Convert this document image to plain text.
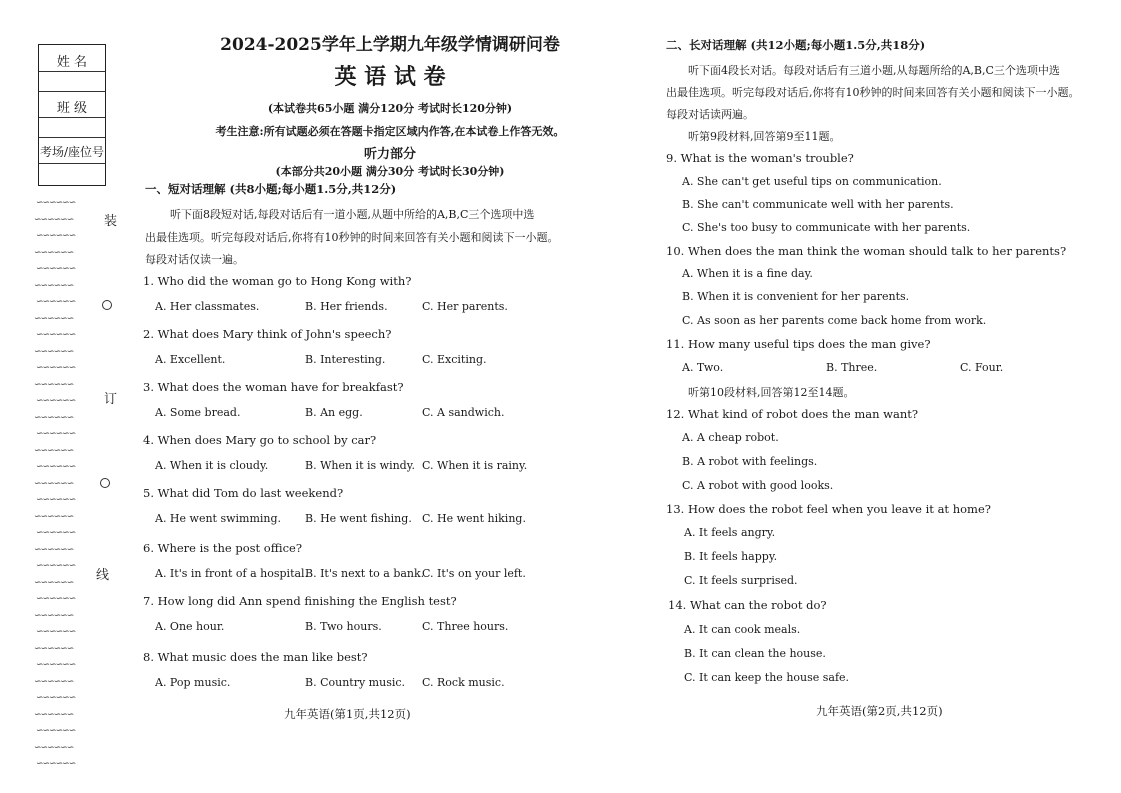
姓 名
班 级
考场/座位号
∽∽∽∽∽∽
∽∽∽∽∽∽
∽∽∽∽∽∽
∽∽∽∽∽∽
∽∽∽∽∽∽
∽∽∽∽∽∽
∽∽∽∽∽∽
∽∽∽∽∽∽
∽∽∽∽∽∽
∽∽∽∽∽∽
∽∽∽∽∽∽
∽∽∽∽∽∽
∽∽∽∽∽∽
∽∽∽∽∽∽
∽∽∽∽∽∽
∽∽∽∽∽∽
∽∽∽∽∽∽
∽∽∽∽∽∽
∽∽∽∽∽∽
∽∽∽∽∽∽
∽∽∽∽∽∽
∽∽∽∽∽∽
∽∽∽∽∽∽
∽∽∽∽∽∽
∽∽∽∽∽∽
∽∽∽∽∽∽
∽∽∽∽∽∽
∽∽∽∽∽∽
∽∽∽∽∽∽
∽∽∽∽∽∽
∽∽∽∽∽∽
∽∽∽∽∽∽
∽∽∽∽∽∽
∽∽∽∽∽∽
∽∽∽∽∽∽
装
订
线
2024-2025学年上学期九年级学情调研问卷
英 语 试 卷
(本试卷共65小题 满分120分 考试时长120分钟)
考生注意:所有试题必须在答题卡指定区域内作答,在本试卷上作答无效。
听力部分
(本部分共20小题 满分30分 考试时长30分钟)
一、短对话理解 (共8小题;每小题1.5分,共12分)
听下面8段短对话,每段对话后有一道小题,从题中所给的A,B,C三个选项中选
出最佳选项。听完每段对话后,你将有10秒钟的时间来回答有关小题和阅读下一小题。
每段对话仅读一遍。
1. Who did the woman go to Hong Kong with?
A. Her classmates.	B. Her friends.	C. Her parents.
2. What does Mary think of John's speech?
A. Excellent.	B. Interesting.	C. Exciting.
3. What does the woman have for breakfast?
A. Some bread.	B. An egg.	C. A sandwich.
4. When does Mary go to school by car?
A. When it is cloudy.	B. When it is windy. C. When it is rainy.
5. What did Tom do last weekend?
A. He went swimming. B. He went fishing. C. He went hiking.
6. Where is the post office?
A. It's in front of a hospital.
B. It's next to a bank.
C. It's on your left.
7. How long did Ann spend finishing the English test?
A. One hour.	B. Two hours.	C. Three hours.
8. What music does the man like best?
A. Pop music.	B. Country music. C. Rock music.
九年英语(第1页,共12页)
二、长对话理解 (共12小题;每小题1.5分,共18分)
听下面4段长对话。每段对话后有三道小题,从每题所给的A,B,C三个选项中选
出最佳选项。听完每段对话后,你将有10秒钟的时间来回答有关小题和阅读下一小题。
每段对话读两遍。
听第9段材料,回答第9至11题。
9. What is the woman's trouble?
A. She can't get useful tips on communication.
B. She can't communicate well with her parents.
C. She's too busy to communicate with her parents.
10. When does the man think the woman should talk to her parents?
A. When it is a fine day.
B. When it is convenient for her parents.
C. As soon as her parents come back home from work.
11. How many useful tips does the man give?
A. Two.	B. Three.	C. Four.
听第10段材料,回答第12至14题。
12. What kind of robot does the man want?
A. A cheap robot.
B. A robot with feelings.
C. A robot with good looks.
13. How does the robot feel when you leave it at home?
A. It feels angry.
B. It feels happy.
C. It feels surprised.
14. What can the robot do?
A. It can cook meals.
B. It can clean the house.
C. It can keep the house safe.
九年英语(第2页,共12页)
